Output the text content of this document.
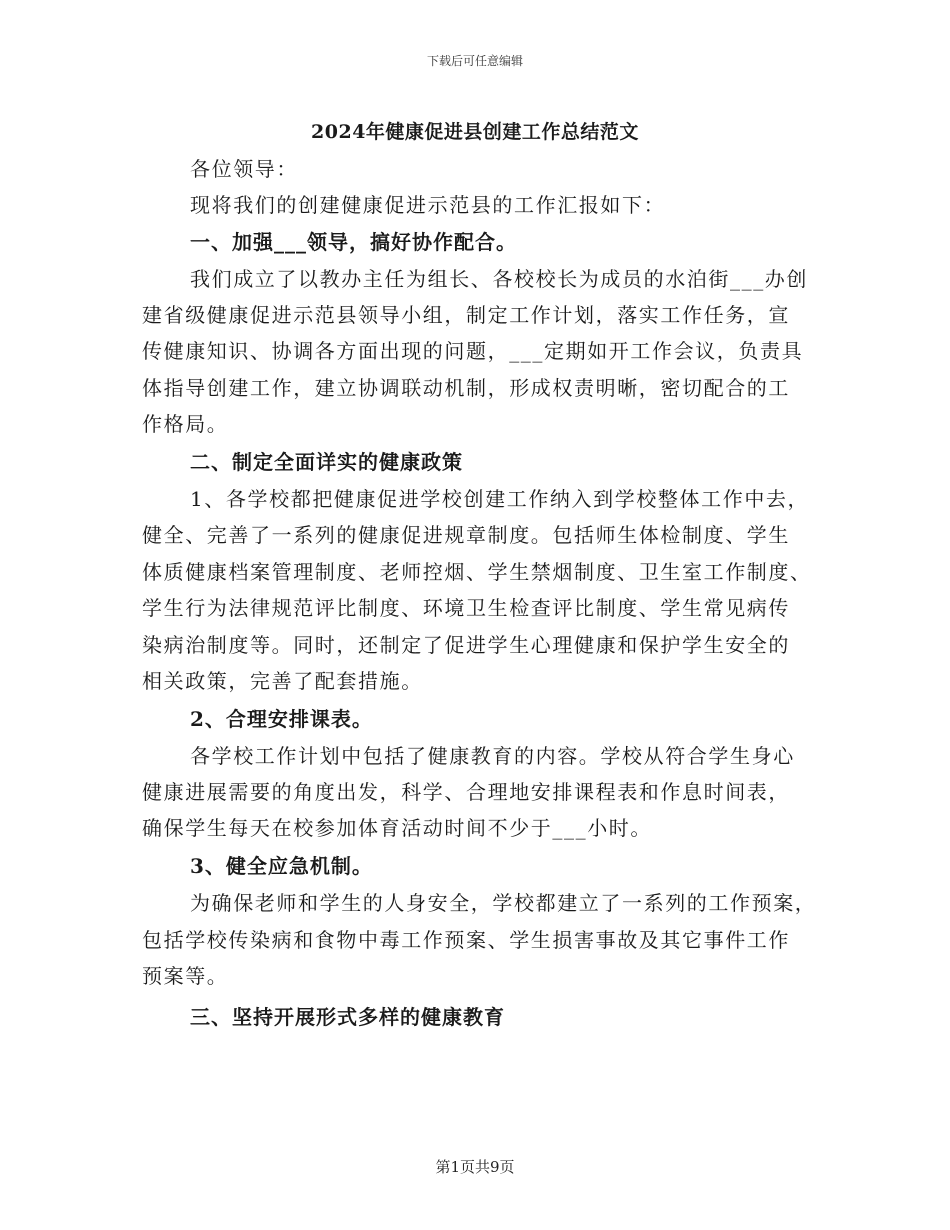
下载后可任意编辑
2024年健康促进县创建工作总结范文
各位领导：
现将我们的创建健康促进示范县的工作汇报如下：
一、加强___领导，搞好协作配合。
我们成立了以教办主任为组长、各校校长为成员的水泊街___办创
建省级健康促进示范县领导小组，制定工作计划，落实工作任务，宣
传健康知识、协调各方面出现的问题，___定期如开工作会议，负责具
体指导创建工作，建立协调联动机制，形成权责明晰，密切配合的工
作格局。
二、制定全面详实的健康政策
1、各学校都把健康促进学校创建工作纳入到学校整体工作中去，
健全、完善了一系列的健康促进规章制度。包括师生体检制度、学生
体质健康档案管理制度、老师控烟、学生禁烟制度、卫生室工作制度、
学生行为法律规范评比制度、环境卫生检查评比制度、学生常见病传
染病治制度等。同时，还制定了促进学生心理健康和保护学生安全的
相关政策，完善了配套措施。
2、合理安排课表。
各学校工作计划中包括了健康教育的内容。学校从符合学生身心
健康进展需要的角度出发，科学、合理地安排课程表和作息时间表，
确保学生每天在校参加体育活动时间不少于___小时。
3、健全应急机制。
为确保老师和学生的人身安全，学校都建立了一系列的工作预案，
包括学校传染病和食物中毒工作预案、学生损害事故及其它事件工作
预案等。
三、坚持开展形式多样的健康教育
第1页共9页
